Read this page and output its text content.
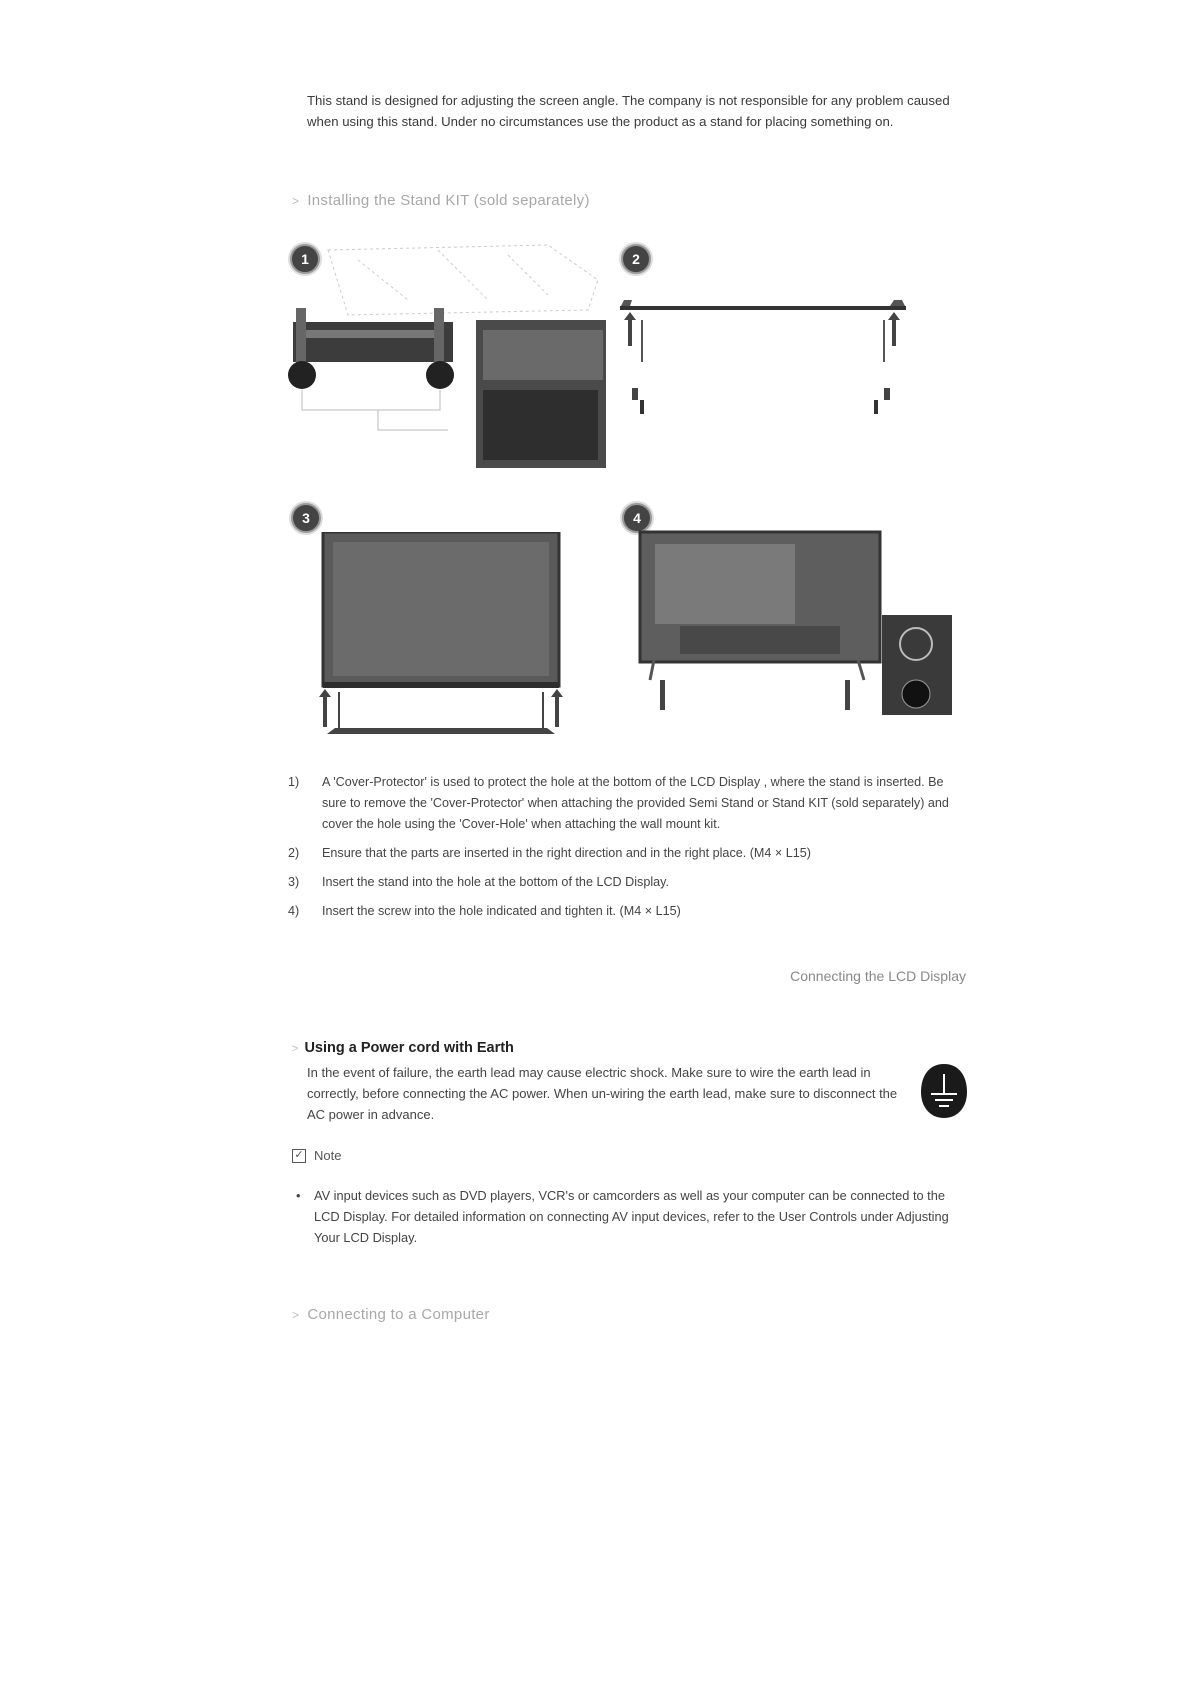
This stand is designed for adjusting the screen angle. The company is not responsible for any problem caused when using this stand. Under no circumstances use the product as a stand for placing something on.
> Installing the Stand KIT (sold separately)
1	2
3	4
1)	A 'Cover-Protector' is used to protect the hole at the bottom of the LCD Display , where the stand is inserted. Be sure to remove the 'Cover-Protector' when attaching the provided Semi Stand or Stand KIT (sold separately) and cover the hole using the 'Cover-Hole' when attaching the wall mount kit.
2)	Ensure that the parts are inserted in the right direction and in the right place. (M4 × L15)
3)	Insert the stand into the hole at the bottom of the LCD Display.
4)	Insert the screw into the hole indicated and tighten it. (M4 × L15)
Connecting the LCD Display
> Using a Power cord with Earth
In the event of failure, the earth lead may cause electric shock. Make sure to wire the earth lead in correctly, before connecting the AC power. When un-wiring the earth lead, make sure to disconnect the AC power in advance.
✓ Note
•	AV input devices such as DVD players, VCR's or camcorders as well as your computer can be connected to the LCD Display. For detailed information on connecting AV input devices, refer to the User Controls under Adjusting Your LCD Display.
> Connecting to a Computer
